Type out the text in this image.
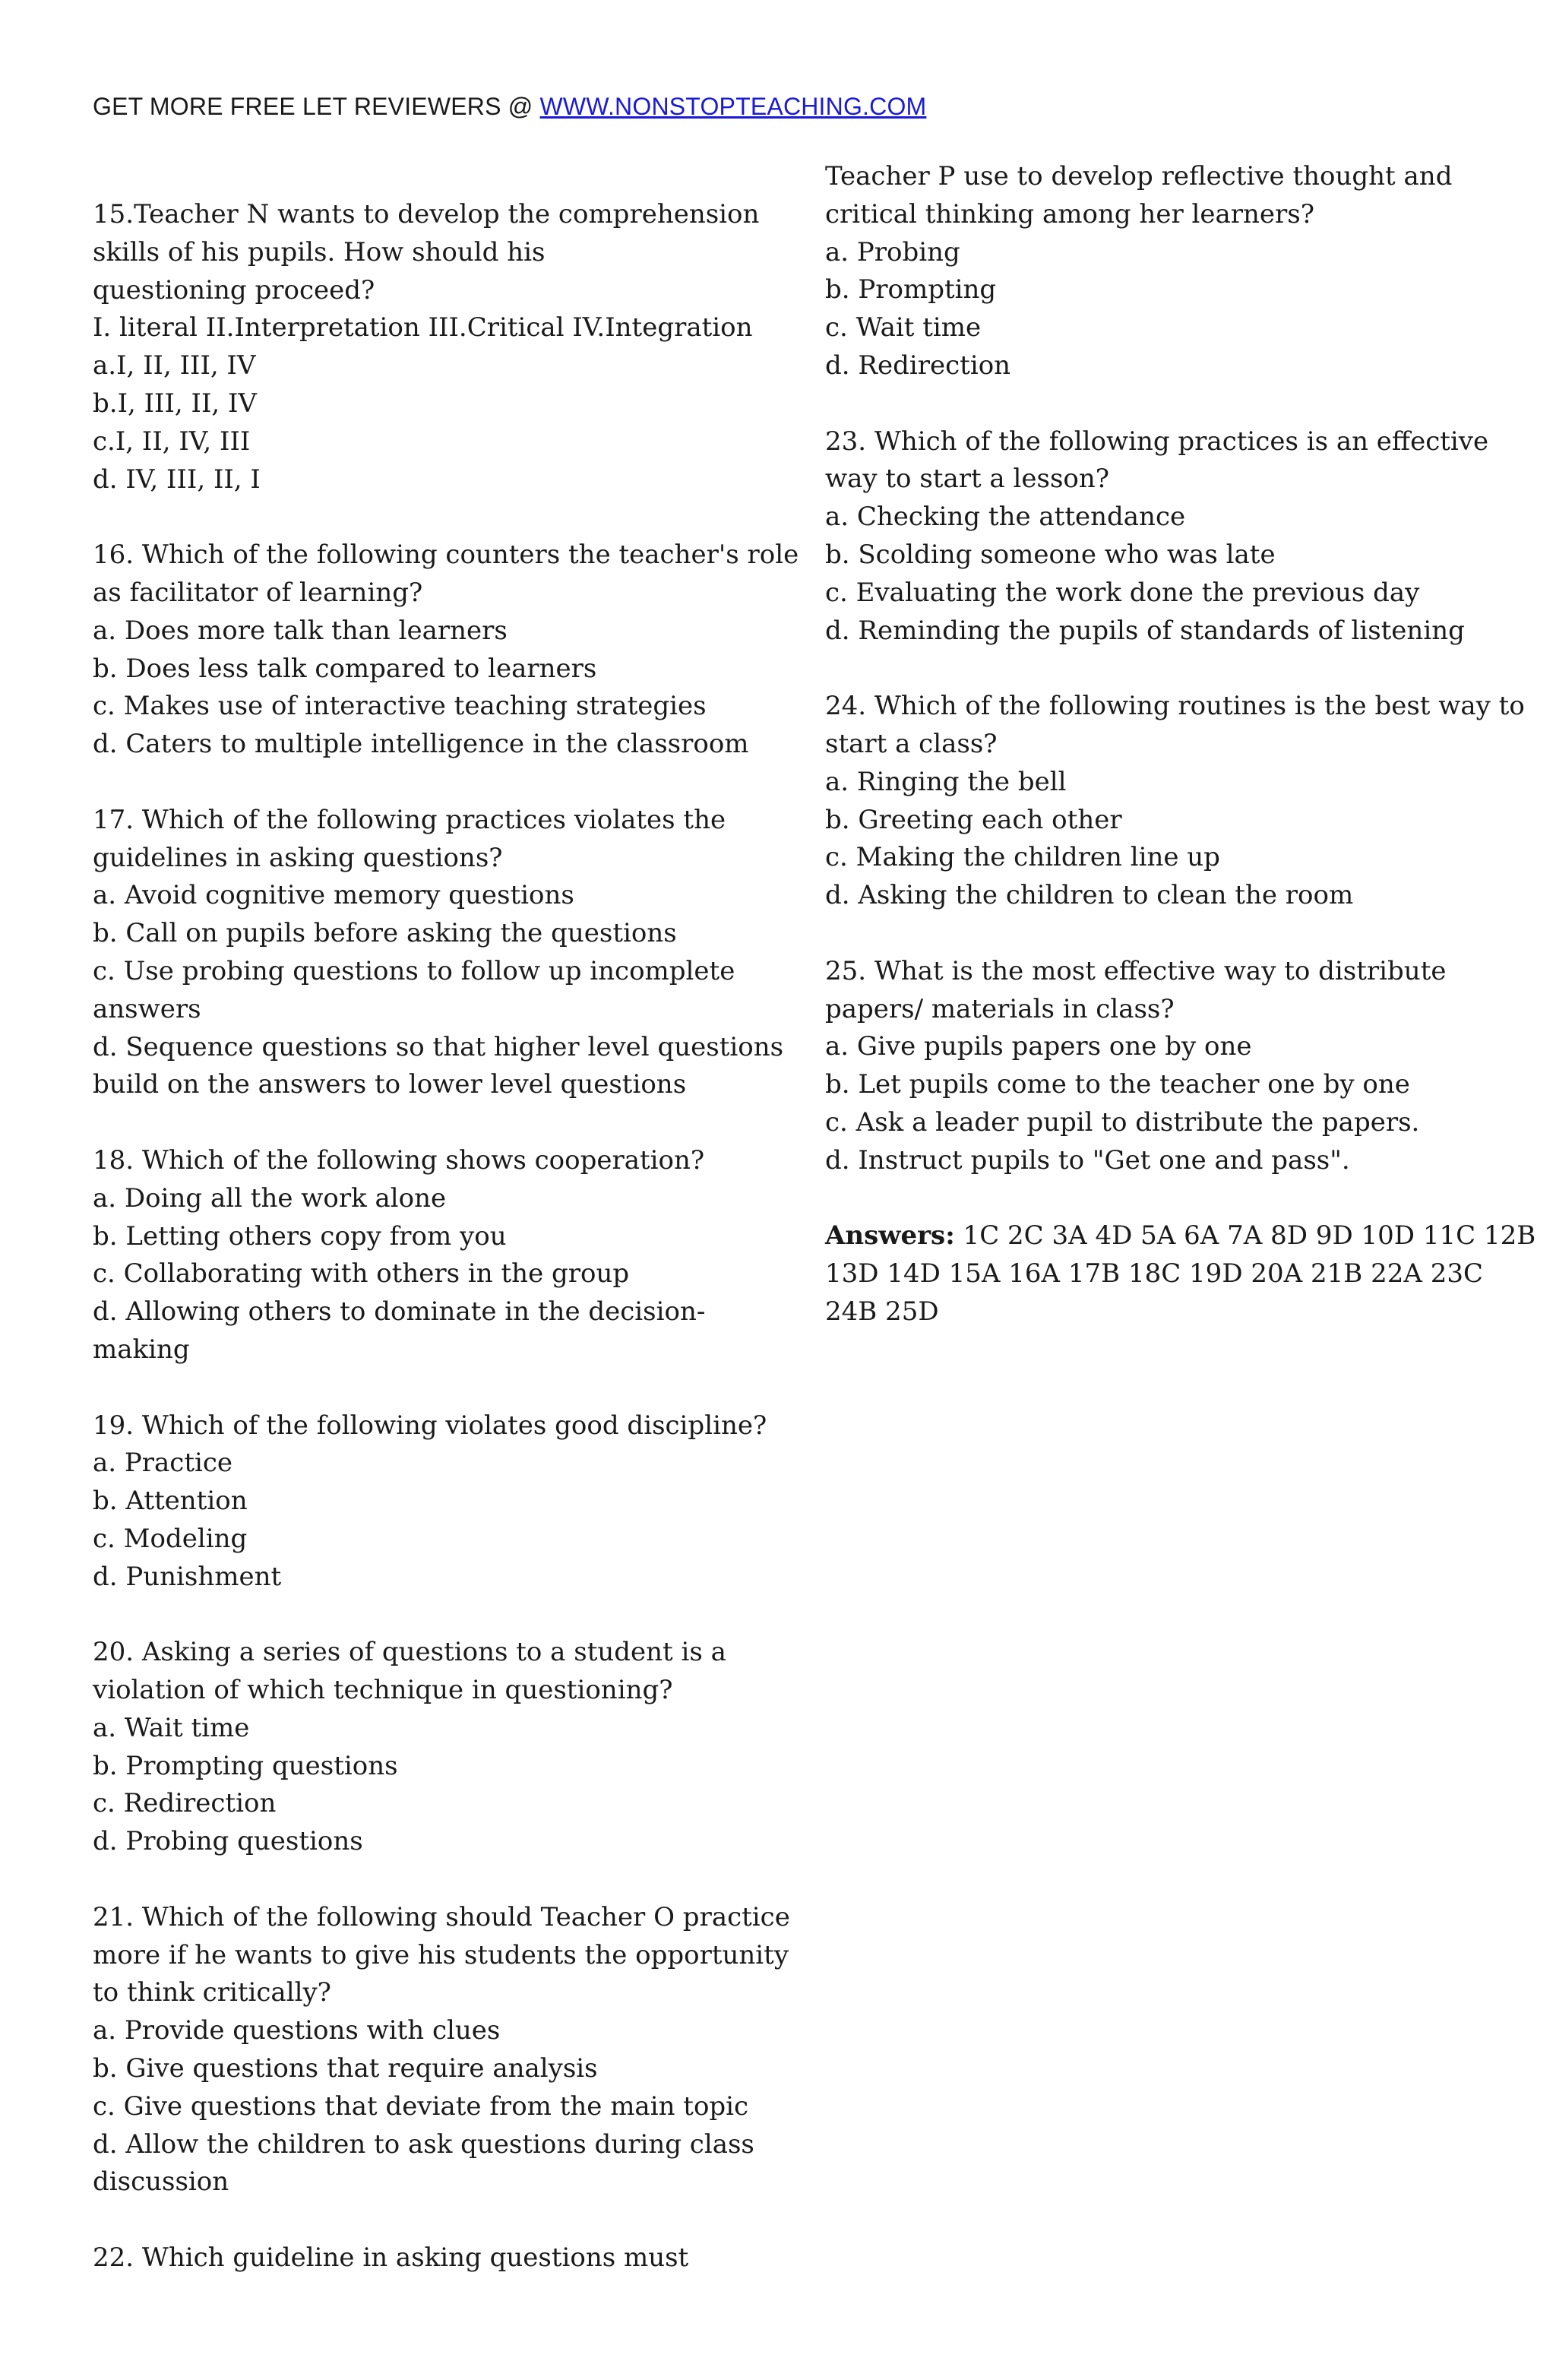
GET MORE FREE LET REVIEWERS @ WWW.NONSTOPTEACHING.COM
15.Teacher N wants to develop the comprehension
skills of his pupils. How should his
questioning proceed?
I. literal II.Interpretation III.Critical IV.Integration
a.I, II, III, IV
b.I, III, II, IV
c.I, II, IV, III
d. IV, III, II, I
16. Which of the following counters the teacher's role
as facilitator of learning?
a. Does more talk than learners
b. Does less talk compared to learners
c. Makes use of interactive teaching strategies
d. Caters to multiple intelligence in the classroom
17. Which of the following practices violates the
guidelines in asking questions?
a. Avoid cognitive memory questions
b. Call on pupils before asking the questions
c. Use probing questions to follow up incomplete
answers
d. Sequence questions so that higher level questions
build on the answers to lower level questions
18. Which of the following shows cooperation?
a. Doing all the work alone
b. Letting others copy from you
c. Collaborating with others in the group
d. Allowing others to dominate in the decision-
making
19. Which of the following violates good discipline?
a. Practice
b. Attention
c. Modeling
d. Punishment
20. Asking a series of questions to a student is a
violation of which technique in questioning?
a. Wait time
b. Prompting questions
c. Redirection
d. Probing questions
21. Which of the following should Teacher O practice
more if he wants to give his students the opportunity
to think critically?
a. Provide questions with clues
b. Give questions that require analysis
c. Give questions that deviate from the main topic
d. Allow the children to ask questions during class
discussion
22. Which guideline in asking questions must
Teacher P use to develop reflective thought and
critical thinking among her learners?
a. Probing
b. Prompting
c. Wait time
d. Redirection
23. Which of the following practices is an effective
way to start a lesson?
a. Checking the attendance
b. Scolding someone who was late
c. Evaluating the work done the previous day
d. Reminding the pupils of standards of listening
24. Which of the following routines is the best way to
start a class?
a. Ringing the bell
b. Greeting each other
c. Making the children line up
d. Asking the children to clean the room
25. What is the most effective way to distribute
papers/ materials in class?
a. Give pupils papers one by one
b. Let pupils come to the teacher one by one
c. Ask a leader pupil to distribute the papers.
d. Instruct pupils to "Get one and pass".
Answers: 1C 2C 3A 4D 5A 6A 7A 8D 9D 10D 11C 12B
13D 14D 15A 16A 17B 18C 19D 20A 21B 22A 23C
24B 25D
